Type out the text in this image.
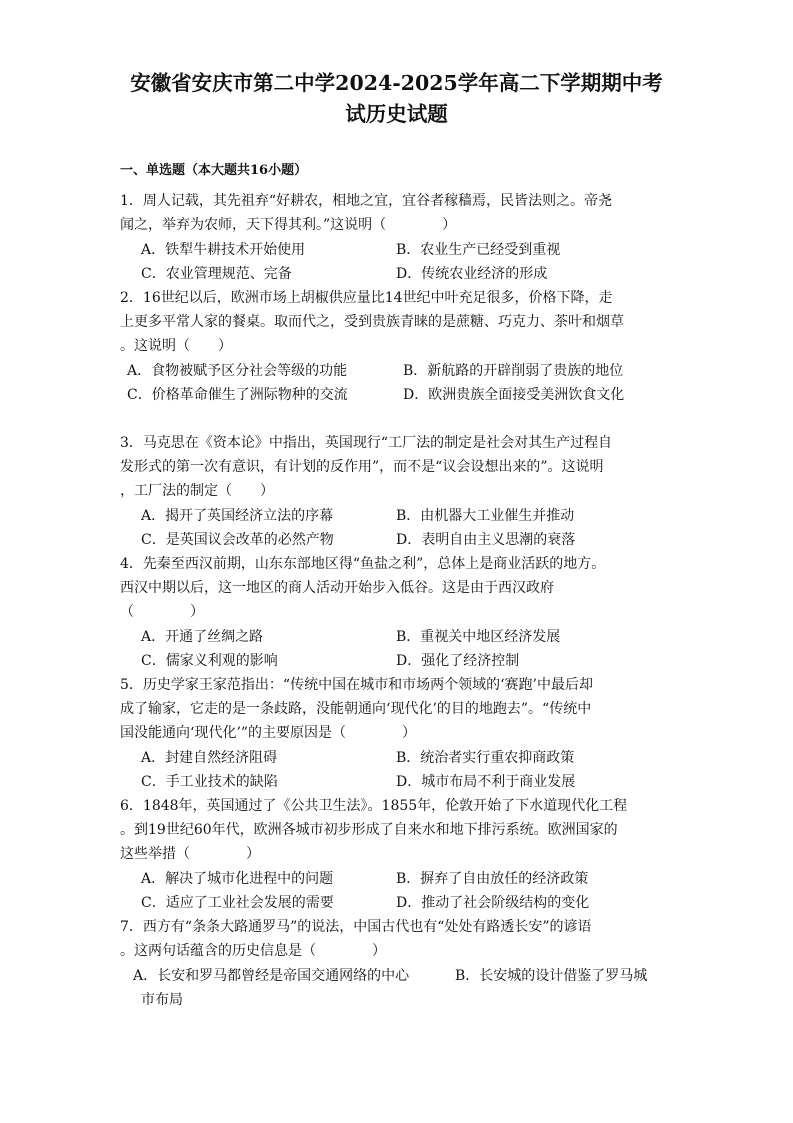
安徽省安庆市第二中学2024-2025学年高二下学期期中考
试历史试题
一、单选题（本大题共16小题）
1．周人记载，其先祖弃“好耕农，相地之宜，宜谷者稼穑焉，民皆法则之。帝尧
闻之，举弃为农师，天下得其利。”这说明（　　　　）
A．铁犁牛耕技术开始使用	B．农业生产已经受到重视
C．农业管理规范、完备	D．传统农业经济的形成
2．16世纪以后，欧洲市场上胡椒供应量比14世纪中叶充足很多，价格下降，走
上更多平常人家的餐桌。取而代之，受到贵族青睐的是蔗糖、巧克力、茶叶和烟草
。这说明（　　）
A．食物被赋予区分社会等级的功能	B．新航路的开辟削弱了贵族的地位
C．价格革命催生了洲际物种的交流	D．欧洲贵族全面接受美洲饮食文化
3．马克思在《资本论》中指出，英国现行“工厂法的制定是社会对其生产过程自
发形式的第一次有意识，有计划的反作用”，而不是“议会设想出来的”。这说明
，工厂法的制定（　　）
A．揭开了英国经济立法的序幕	B．由机器大工业催生并推动
C．是英国议会改革的必然产物	D．表明自由主义思潮的衰落
4．先秦至西汉前期，山东东部地区得“鱼盐之利”，总体上是商业活跃的地方。
西汉中期以后，这一地区的商人活动开始步入低谷。这是由于西汉政府
（　　　　）
A．开通了丝绸之路	B．重视关中地区经济发展
C．儒家义利观的影响	D．强化了经济控制
5．历史学家王家范指出：“传统中国在城市和市场两个领域的‘赛跑’中最后却
成了输家，它走的是一条歧路，没能朝通向‘现代化’的目的地跑去”。“传统中
国没能通向‘现代化’”的主要原因是（　　　　）
A．封建自然经济阻碍	B．统治者实行重农抑商政策
C．手工业技术的缺陷	D．城市布局不利于商业发展
6．1848年，英国通过了《公共卫生法》。1855年，伦敦开始了下水道现代化工程
。到19世纪60年代，欧洲各城市初步形成了自来水和地下排污系统。欧洲国家的
这些举措（　　　　）
A．解决了城市化进程中的问题	B．摒弃了自由放任的经济政策
C．适应了工业社会发展的需要	D．推动了社会阶级结构的变化
7．西方有“条条大路通罗马”的说法，中国古代也有“处处有路透长安”的谚语
。这两句话蕴含的历史信息是（　　　　）
A．长安和罗马都曾经是帝国交通网络的中心	B．长安城的设计借鉴了罗马城
市布局
